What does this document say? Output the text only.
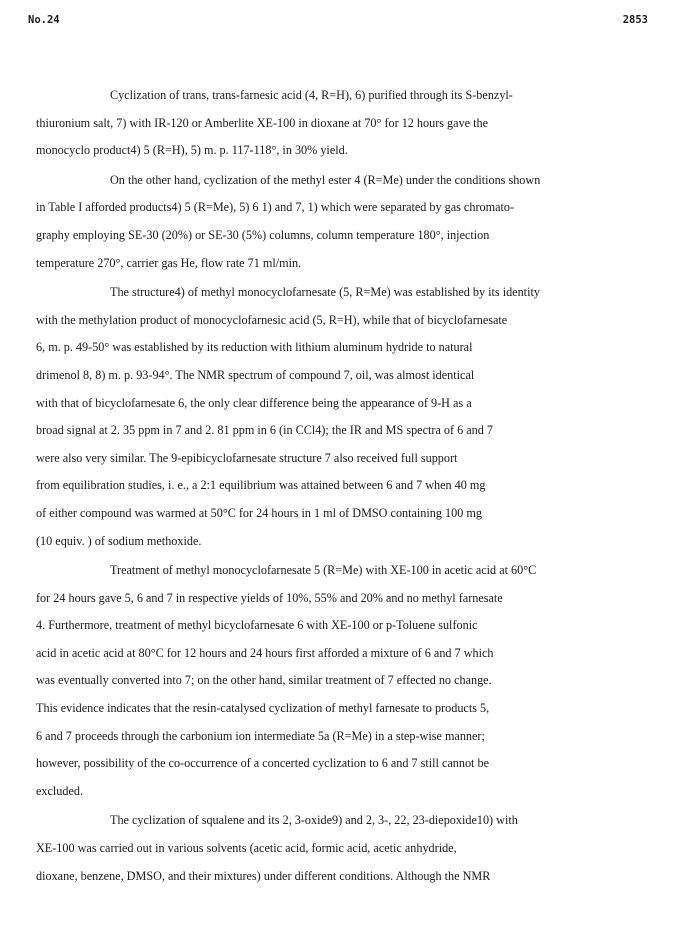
No.24	2853
Cyclization of trans, trans-farnesic acid (4, R=H), 6) purified through its S-benzyl-
thiuronium salt, 7) with IR-120 or Amberlite XE-100 in dioxane at 70° for 12 hours gave the
monocyclo product4) 5 (R=H), 5) m. p. 117-118°, in 30% yield.
On the other hand, cyclization of the methyl ester 4 (R=Me) under the conditions shown
in Table I afforded products4) 5 (R=Me), 5) 6 1) and 7, 1) which were separated by gas chromato-
graphy employing SE-30 (20%) or SE-30 (5%) columns, column temperature 180°, injection
temperature 270°, carrier gas He, flow rate 71 ml/min.
The structure4) of methyl monocyclofarnesate (5, R=Me) was established by its identity
with the methylation product of monocyclofarnesic acid (5, R=H), while that of bicyclofarnesate
6, m. p. 49-50° was established by its reduction with lithium aluminum hydride to natural
drimenol 8, 8) m. p. 93-94°. The NMR spectrum of compound 7, oil, was almost identical
with that of bicyclofarnesate 6, the only clear difference being the appearance of 9-H as a
broad signal at 2. 35 ppm in 7 and 2. 81 ppm in 6 (in CCl4); the IR and MS spectra of 6 and 7
were also very similar. The 9-epibicyclofarnesate structure 7 also received full support
from equilibration studies, i. e., a 2:1 equilibrium was attained between 6 and 7 when 40 mg
of either compound was warmed at 50°C for 24 hours in 1 ml of DMSO containing 100 mg
(10 equiv. ) of sodium methoxide.
Treatment of methyl monocyclofarnesate 5 (R=Me) with XE-100 in acetic acid at 60°C
for 24 hours gave 5, 6 and 7 in respective yields of 10%, 55% and 20% and no methyl farnesate
4. Furthermore, treatment of methyl bicyclofarnesate 6 with XE-100 or p-Toluene sulfonic
acid in acetic acid at 80°C for 12 hours and 24 hours first afforded a mixture of 6 and 7 which
was eventually converted into 7; on the other hand, similar treatment of 7 effected no change.
This evidence indicates that the resin-catalysed cyclization of methyl farnesate to products 5,
6 and 7 proceeds through the carbonium ion intermediate 5a (R=Me) in a step-wise manner;
however, possibility of the co-occurrence of a concerted cyclization to 6 and 7 still cannot be
excluded.
The cyclization of squalene and its 2, 3-oxide9) and 2, 3-, 22, 23-diepoxide10) with
XE-100 was carried out in various solvents (acetic acid, formic acid, acetic anhydride,
dioxane, benzene, DMSO, and their mixtures) under different conditions. Although the NMR
